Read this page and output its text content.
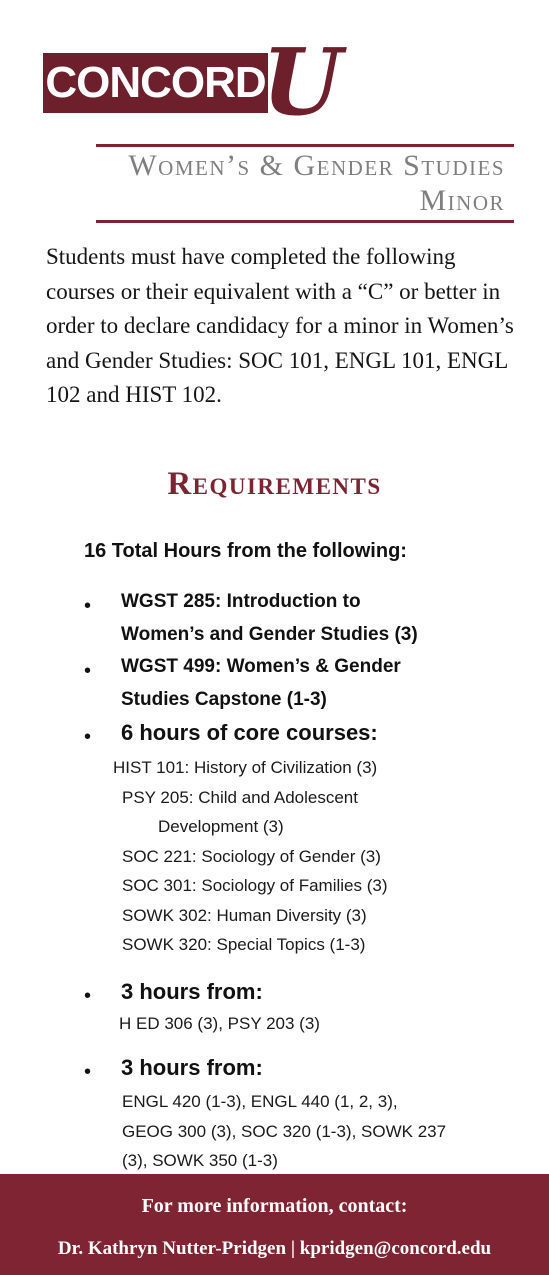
CONCORD
U
Women’s & Gender Studies
Minor
Students must have completed the following courses or their equivalent with a “C” or better in order to declare candidacy for a minor in Women’s and Gender Studies: SOC 101, ENGL 101, ENGL 102 and HIST 102.
Requirements
16 Total Hours from the following:
• WGST 285: Introduction to
Women’s and Gender Studies (3)
• WGST 499: Women’s & Gender
Studies Capstone (1-3)
• 6 hours of core courses:
HIST 101: History of Civilization (3)
PSY 205: Child and Adolescent
Development (3)
SOC 221: Sociology of Gender (3)
SOC 301: Sociology of Families (3)
SOWK 302: Human Diversity (3)
SOWK 320: Special Topics (1-3)
• 3 hours from:
H ED 306 (3), PSY 203 (3)
• 3 hours from:
ENGL 420 (1-3), ENGL 440 (1, 2, 3),
GEOG 300 (3), SOC 320 (1-3), SOWK 237
(3), SOWK 350 (1-3)
For more information, contact:
Dr. Kathryn Nutter-Pridgen | kpridgen@concord.edu
